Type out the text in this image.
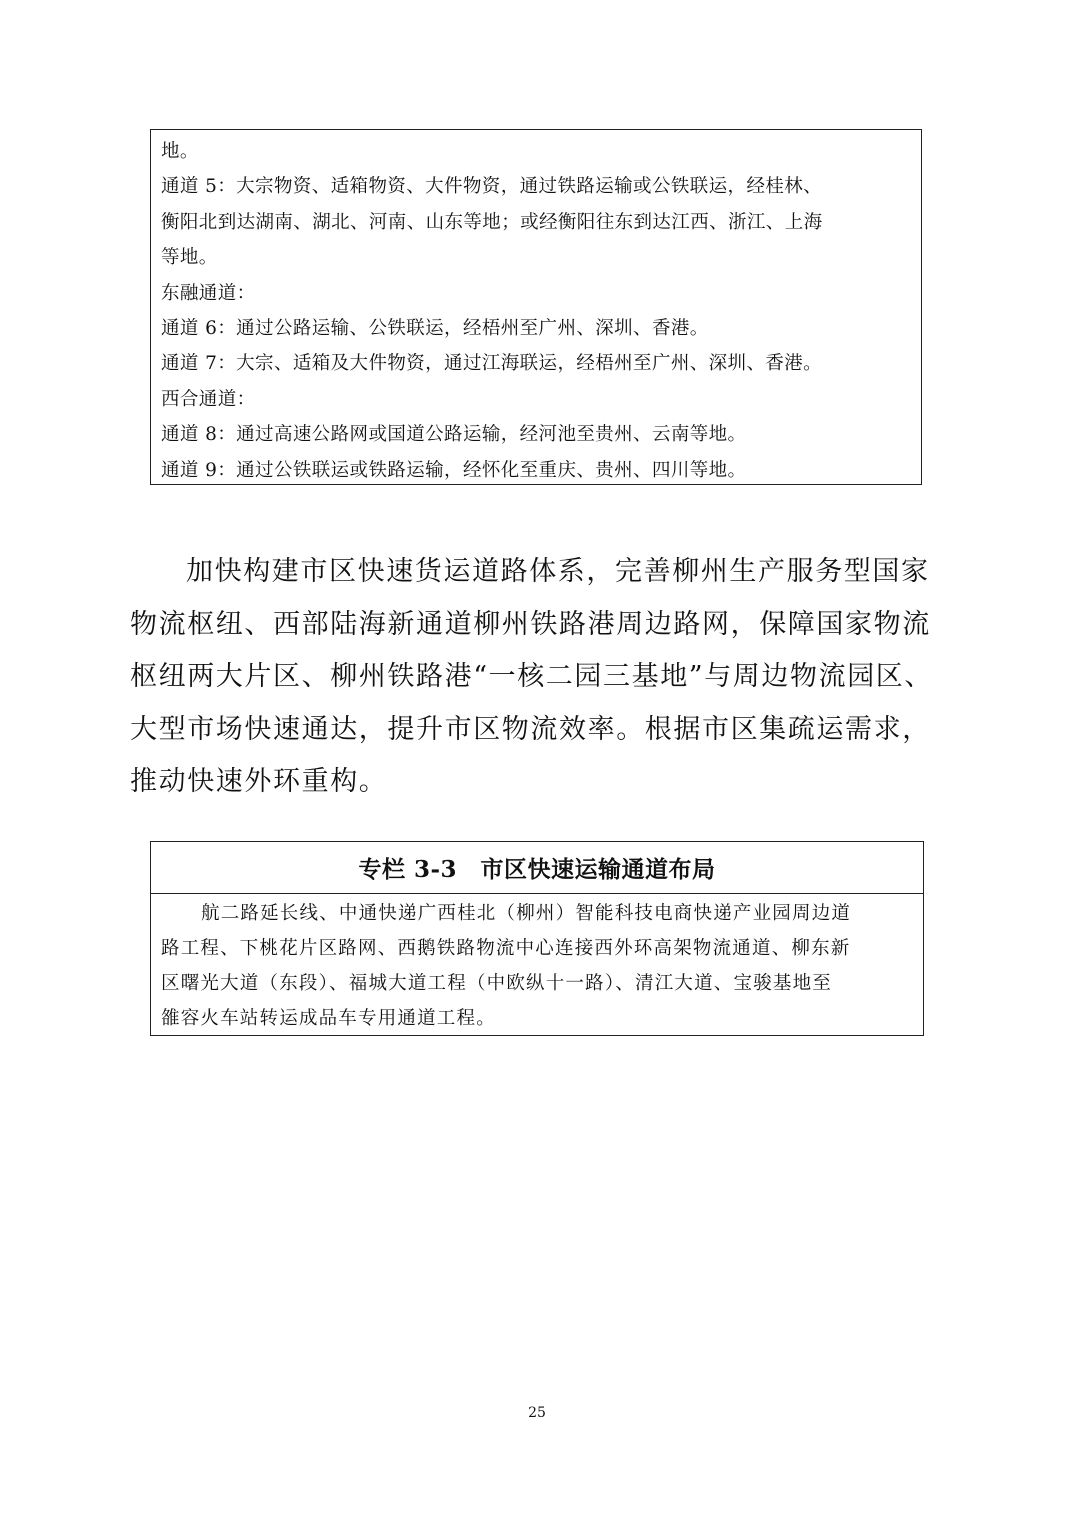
地。
通道 5：大宗物资、适箱物资、大件物资，通过铁路运输或公铁联运，经桂林、
衡阳北到达湖南、湖北、河南、山东等地；或经衡阳往东到达江西、浙江、上海
等地。
东融通道：
通道 6：通过公路运输、公铁联运，经梧州至广州、深圳、香港。
通道 7：大宗、适箱及大件物资，通过江海联运，经梧州至广州、深圳、香港。
西合通道：
通道 8：通过高速公路网或国道公路运输，经河池至贵州、云南等地。
通道 9：通过公铁联运或铁路运输，经怀化至重庆、贵州、四川等地。
加快构建市区快速货运道路体系，完善柳州生产服务型国家
物流枢纽、西部陆海新通道柳州铁路港周边路网，保障国家物流
枢纽两大片区、柳州铁路港“一核二园三基地”与周边物流园区、
大型市场快速通达，提升市区物流效率。根据市区集疏运需求，
推动快速外环重构。
专栏 3-3　市区快速运输通道布局
航二路延长线、中通快递广西桂北（柳州）智能科技电商快递产业园周边道
路工程、下桃花片区路网、西鹅铁路物流中心连接西外环高架物流通道、柳东新
区曙光大道（东段）、福城大道工程（中欧纵十一路）、清江大道、宝骏基地至
雒容火车站转运成品车专用通道工程。
25
